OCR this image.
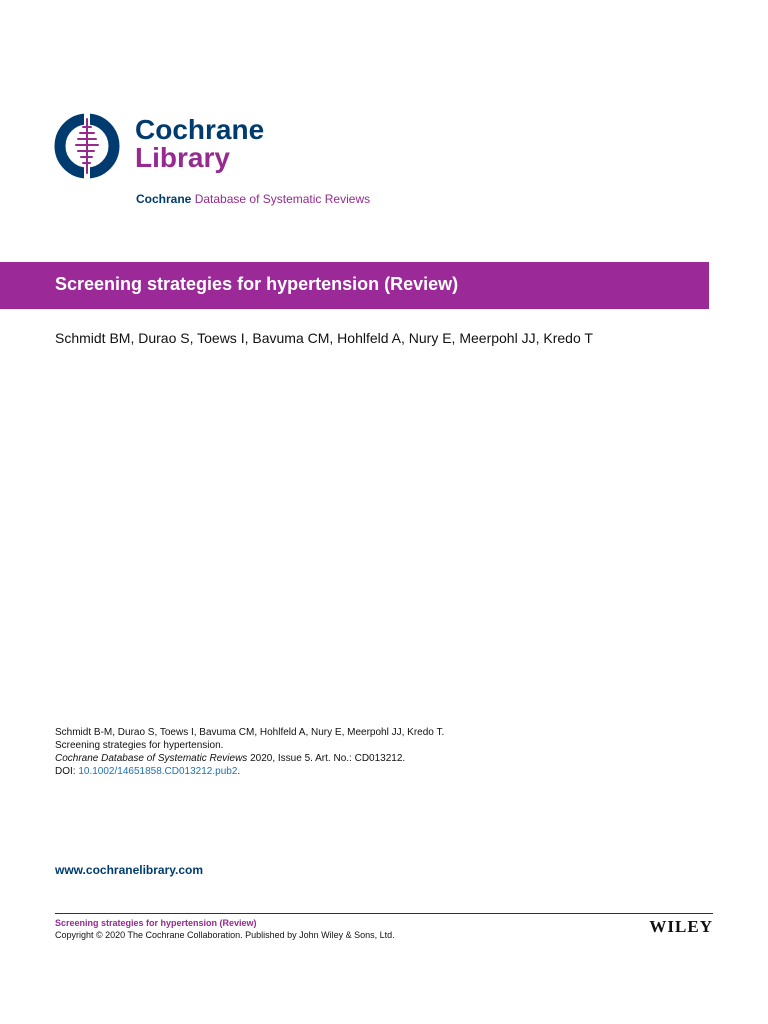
Cochrane
Library
Cochrane Database of Systematic Reviews
Screening strategies for hypertension (Review)
Schmidt BM, Durao S, Toews I, Bavuma CM, Hohlfeld A, Nury E, Meerpohl JJ, Kredo T
Schmidt B-M, Durao S, Toews I, Bavuma CM, Hohlfeld A, Nury E, Meerpohl JJ, Kredo T.
Screening strategies for hypertension.
Cochrane Database of Systematic Reviews 2020, Issue 5. Art. No.: CD013212.
DOI: 10.1002/14651858.CD013212.pub2.
www.cochranelibrary.com
Screening strategies for hypertension (Review)
Copyright © 2020 The Cochrane Collaboration. Published by John Wiley & Sons, Ltd.	WILEY
